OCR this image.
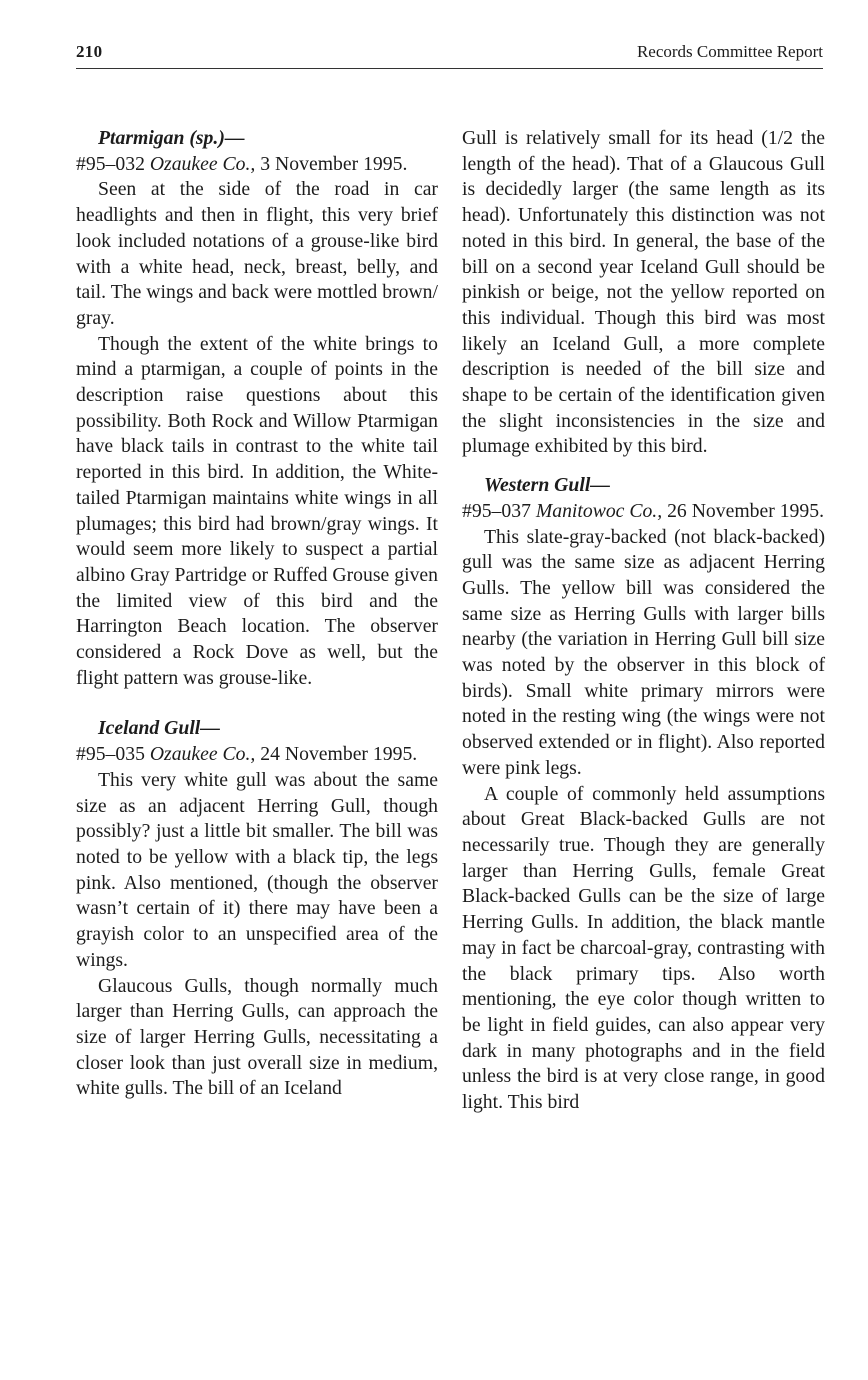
210	Records Committee Report

Ptarmigan (sp.)—

#95–032 Ozaukee Co., 3 November 1995.

Seen at the side of the road in car headlights and then in flight, this very brief look included notations of a grouse-like bird with a white head, neck, breast, belly, and tail. The wings and back were mottled brown/​gray.

Though the extent of the white brings to mind a ptarmigan, a couple of points in the description raise questions about this possibility. Both Rock and Willow Ptarmigan have black tails in contrast to the white tail reported in this bird. In addition, the White-tailed Ptarmigan maintains white wings in all plumages; this bird had brown/gray wings. It would seem more likely to suspect a partial albino Gray Partridge or Ruffed Grouse given the limited view of this bird and the Harrington Beach location. The observer considered a Rock Dove as well, but the flight pattern was grouse-like.

Iceland Gull—

#95–035 Ozaukee Co., 24 November 1995.

This very white gull was about the same size as an adjacent Herring Gull, though possibly? just a little bit smaller. The bill was noted to be yellow with a black tip, the legs pink. Also mentioned, (though the observer wasn’t certain of it) there may have been a grayish color to an unspecified area of the wings.

Glaucous Gulls, though normally much larger than Herring Gulls, can approach the size of larger Herring Gulls, necessitating a closer look than just overall size in medium, white gulls. The bill of an Iceland

Gull is relatively small for its head (1/2 the length of the head). That of a Glaucous Gull is decidedly larger (the same length as its head). Unfortunately this distinction was not noted in this bird. In general, the base of the bill on a second year Iceland Gull should be pinkish or beige, not the yellow reported on this individual. Though this bird was most likely an Iceland Gull, a more complete description is needed of the bill size and shape to be certain of the identification given the slight inconsistencies in the size and plumage exhibited by this bird.

Western Gull—

#95–037 Manitowoc Co., 26 November 1995.

This slate-gray-backed (not black-backed) gull was the same size as adjacent Herring Gulls. The yellow bill was considered the same size as Herring Gulls with larger bills nearby (the variation in Herring Gull bill size was noted by the observer in this block of birds). Small white primary mirrors were noted in the resting wing (the wings were not observed extended or in flight). Also reported were pink legs.

A couple of commonly held assumptions about Great Black-backed Gulls are not necessarily true. Though they are generally larger than Herring Gulls, female Great Black-backed Gulls can be the size of large Herring Gulls. In addition, the black mantle may in fact be charcoal-gray, contrasting with the black primary tips. Also worth mentioning, the eye color though written to be light in field guides, can also appear very dark in many photographs and in the field unless the bird is at very close range, in good light. This bird
